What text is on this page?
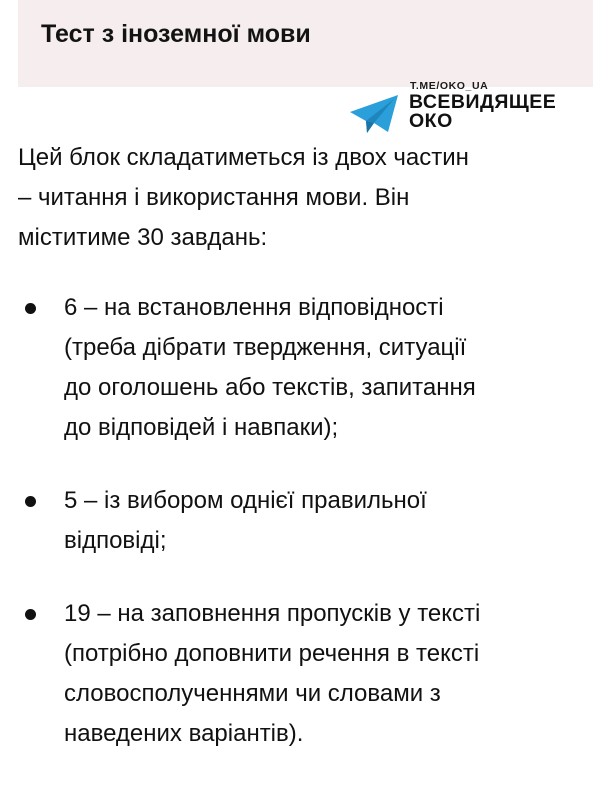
Тест з іноземної мови
T.ME/OKO_UA
ВСЕВИДЯЩЕЕ
ОКО
Цей блок складатиметься із двох частин
– читання і використання мови. Він
міститиме 30 завдань:
6 – на встановлення відповідності
(треба дібрати твердження, ситуації
до оголошень або текстів, запитання
до відповідей і навпаки);
5 – із вибором однієї правильної
відповіді;
19 – на заповнення пропусків у тексті
(потрібно доповнити речення в тексті
словосполученнями чи словами з
наведених варіантів).
